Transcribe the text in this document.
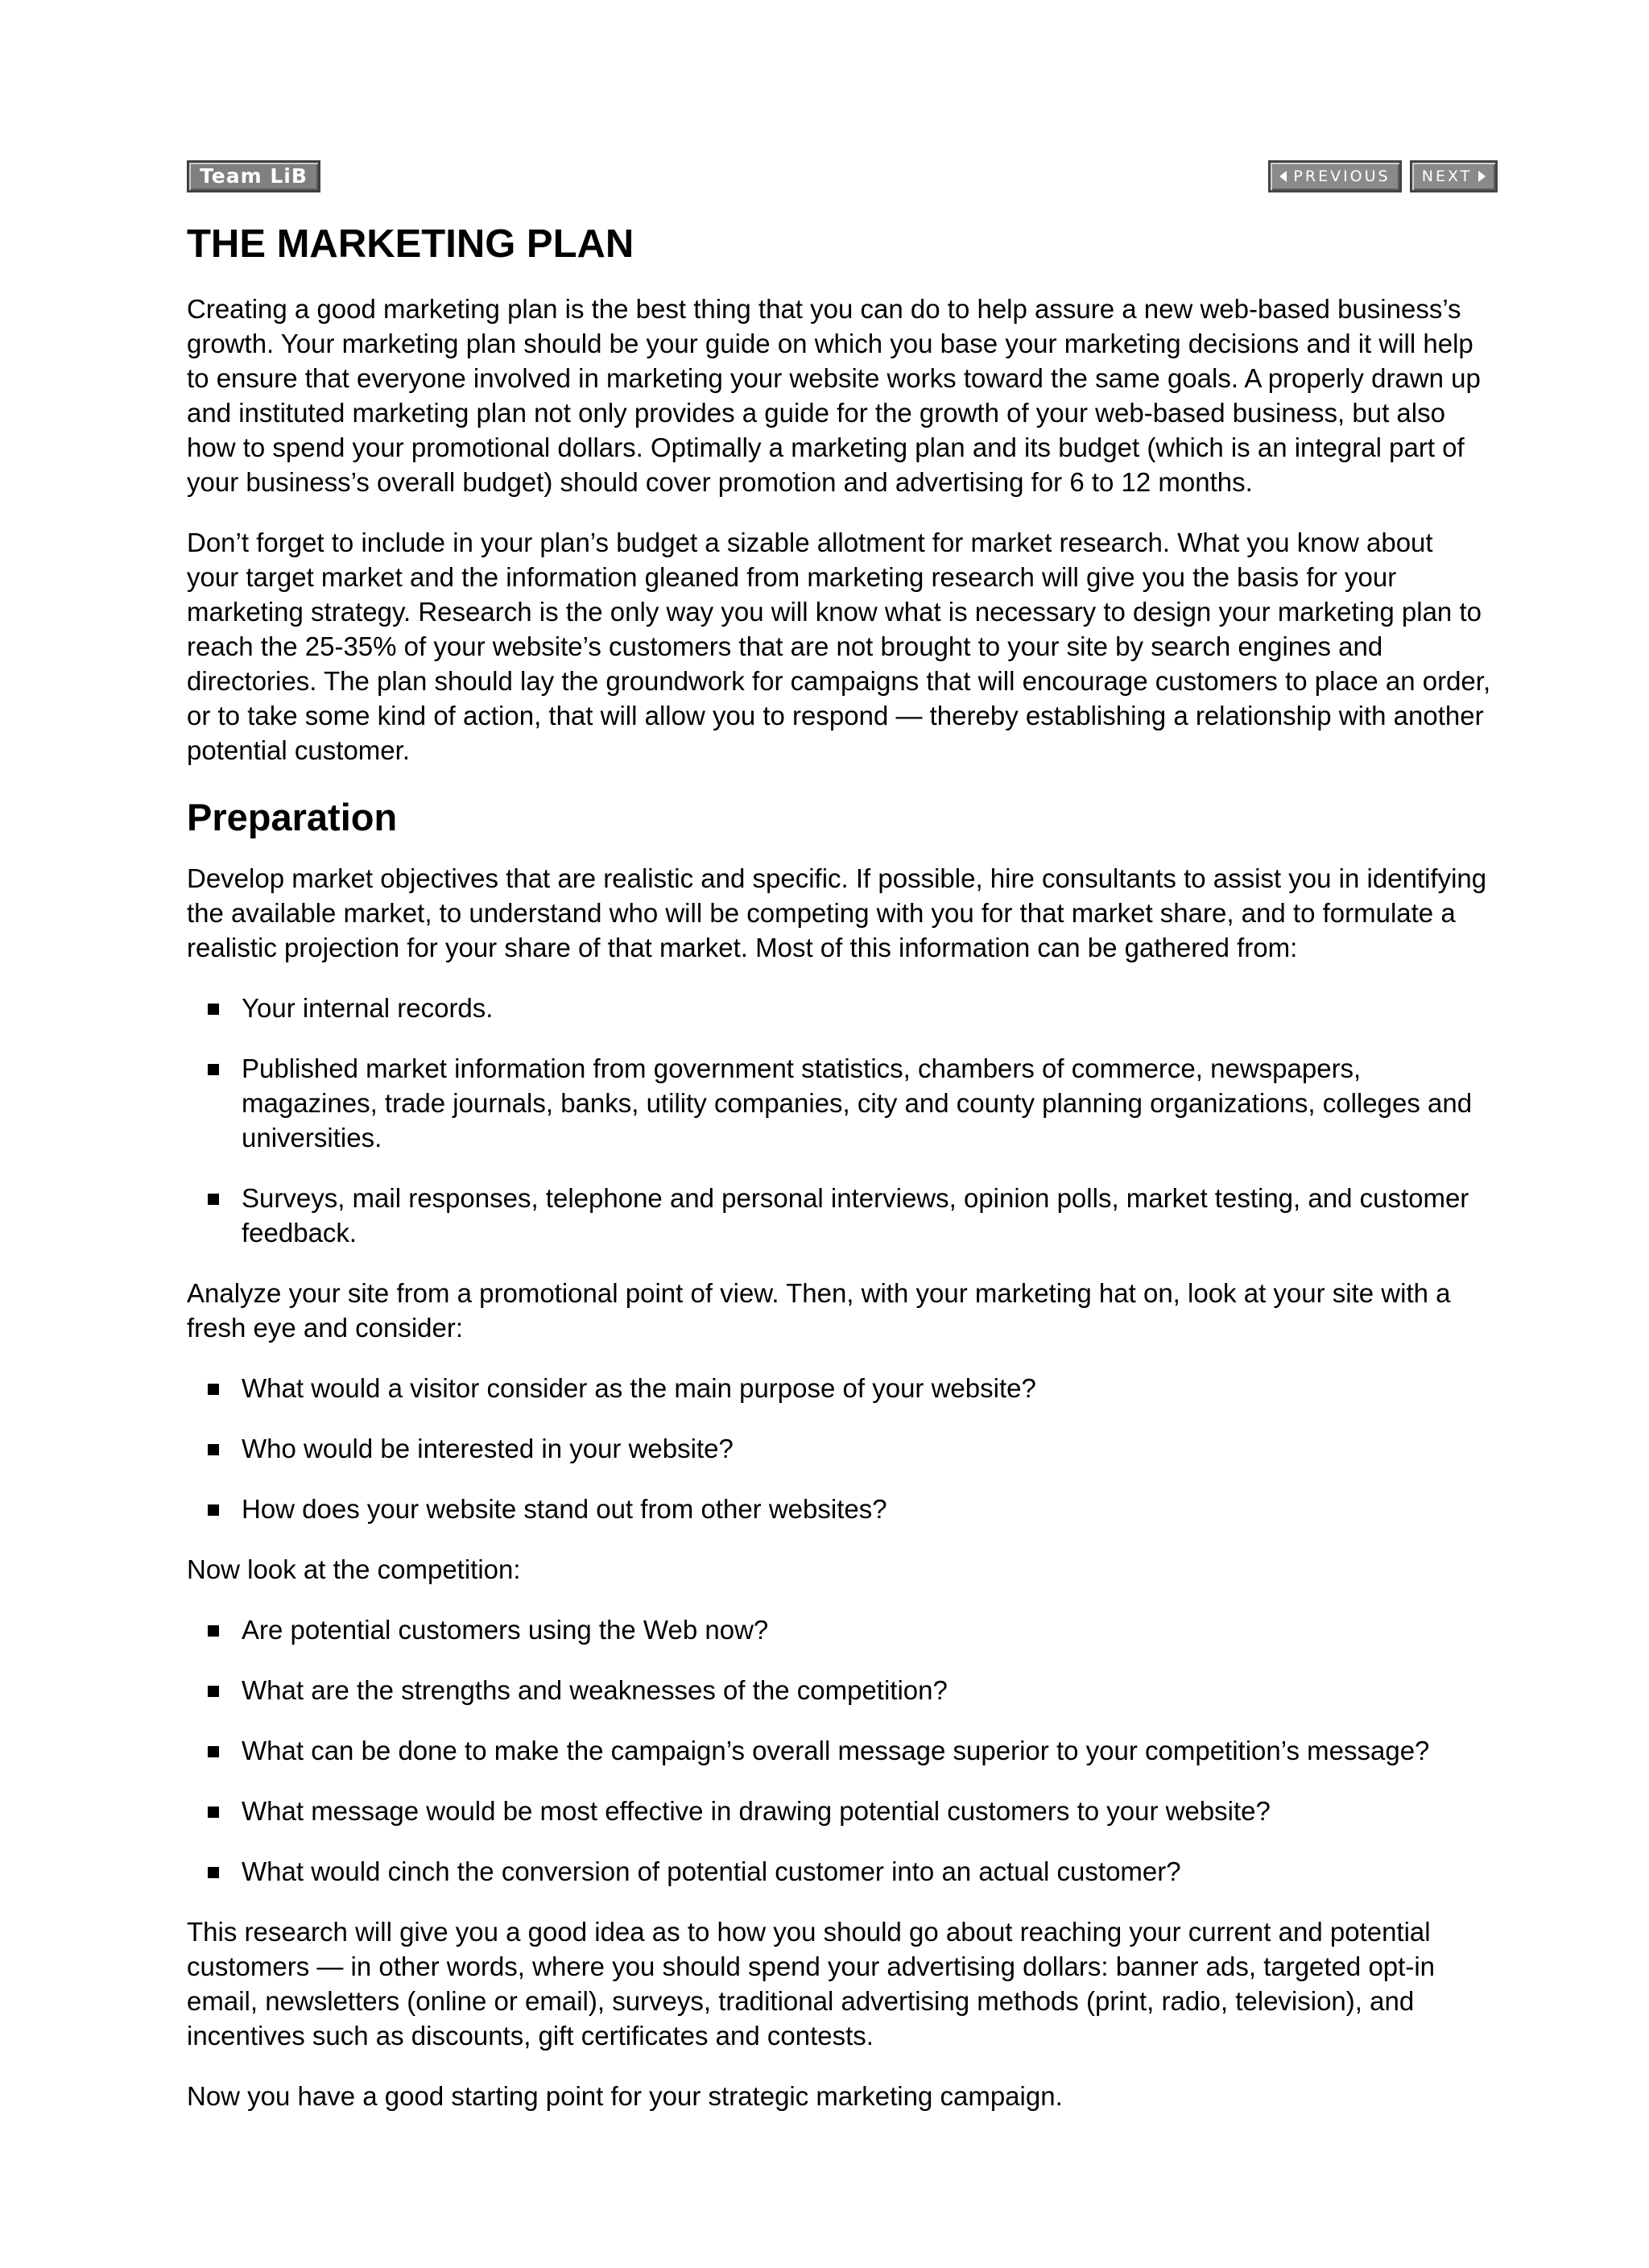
Team LiB	PREVIOUS NEXT
THE MARKETING PLAN

Creating a good marketing plan is the best thing that you can do to help assure a new web-based business’s growth. Your marketing plan should be your guide on which you base your marketing decisions and it will help to ensure that everyone involved in marketing your website works toward the same goals. A properly drawn up and instituted marketing plan not only provides a guide for the growth of your web-based business, but also how to spend your promotional dollars. Optimally a marketing plan and its budget (which is an integral part of your business’s overall budget) should cover promotion and advertising for 6 to 12 months.

Don’t forget to include in your plan’s budget a sizable allotment for market research. What you know about your target market and the information gleaned from marketing research will give you the basis for your marketing strategy. Research is the only way you will know what is necessary to design your marketing plan to reach the 25-35% of your website’s customers that are not brought to your site by search engines and directories. The plan should lay the groundwork for campaigns that will encourage customers to place an order, or to take some kind of action, that will allow you to respond — thereby establishing a relationship with another potential customer.

Preparation

Develop market objectives that are realistic and specific. If possible, hire consultants to assist you in identifying the available market, to understand who will be competing with you for that market share, and to formulate a realistic projection for your share of that market. Most of this information can be gathered from:

Your internal records.
Published market information from government statistics, chambers of commerce, newspapers, magazines, trade journals, banks, utility companies, city and county planning organizations, colleges and universities.
Surveys, mail responses, telephone and personal interviews, opinion polls, market testing, and customer feedback.

Analyze your site from a promotional point of view. Then, with your marketing hat on, look at your site with a fresh eye and consider:

What would a visitor consider as the main purpose of your website?
Who would be interested in your website?
How does your website stand out from other websites?

Now look at the competition:

Are potential customers using the Web now?
What are the strengths and weaknesses of the competition?
What can be done to make the campaign’s overall message superior to your competition’s message?
What message would be most effective in drawing potential customers to your website?
What would cinch the conversion of potential customer into an actual customer?

This research will give you a good idea as to how you should go about reaching your current and potential customers — in other words, where you should spend your advertising dollars: banner ads, targeted opt-in email, newsletters (online or email), surveys, traditional advertising methods (print, radio, television), and incentives such as discounts, gift certificates and contests.

Now you have a good starting point for your strategic marketing campaign.
